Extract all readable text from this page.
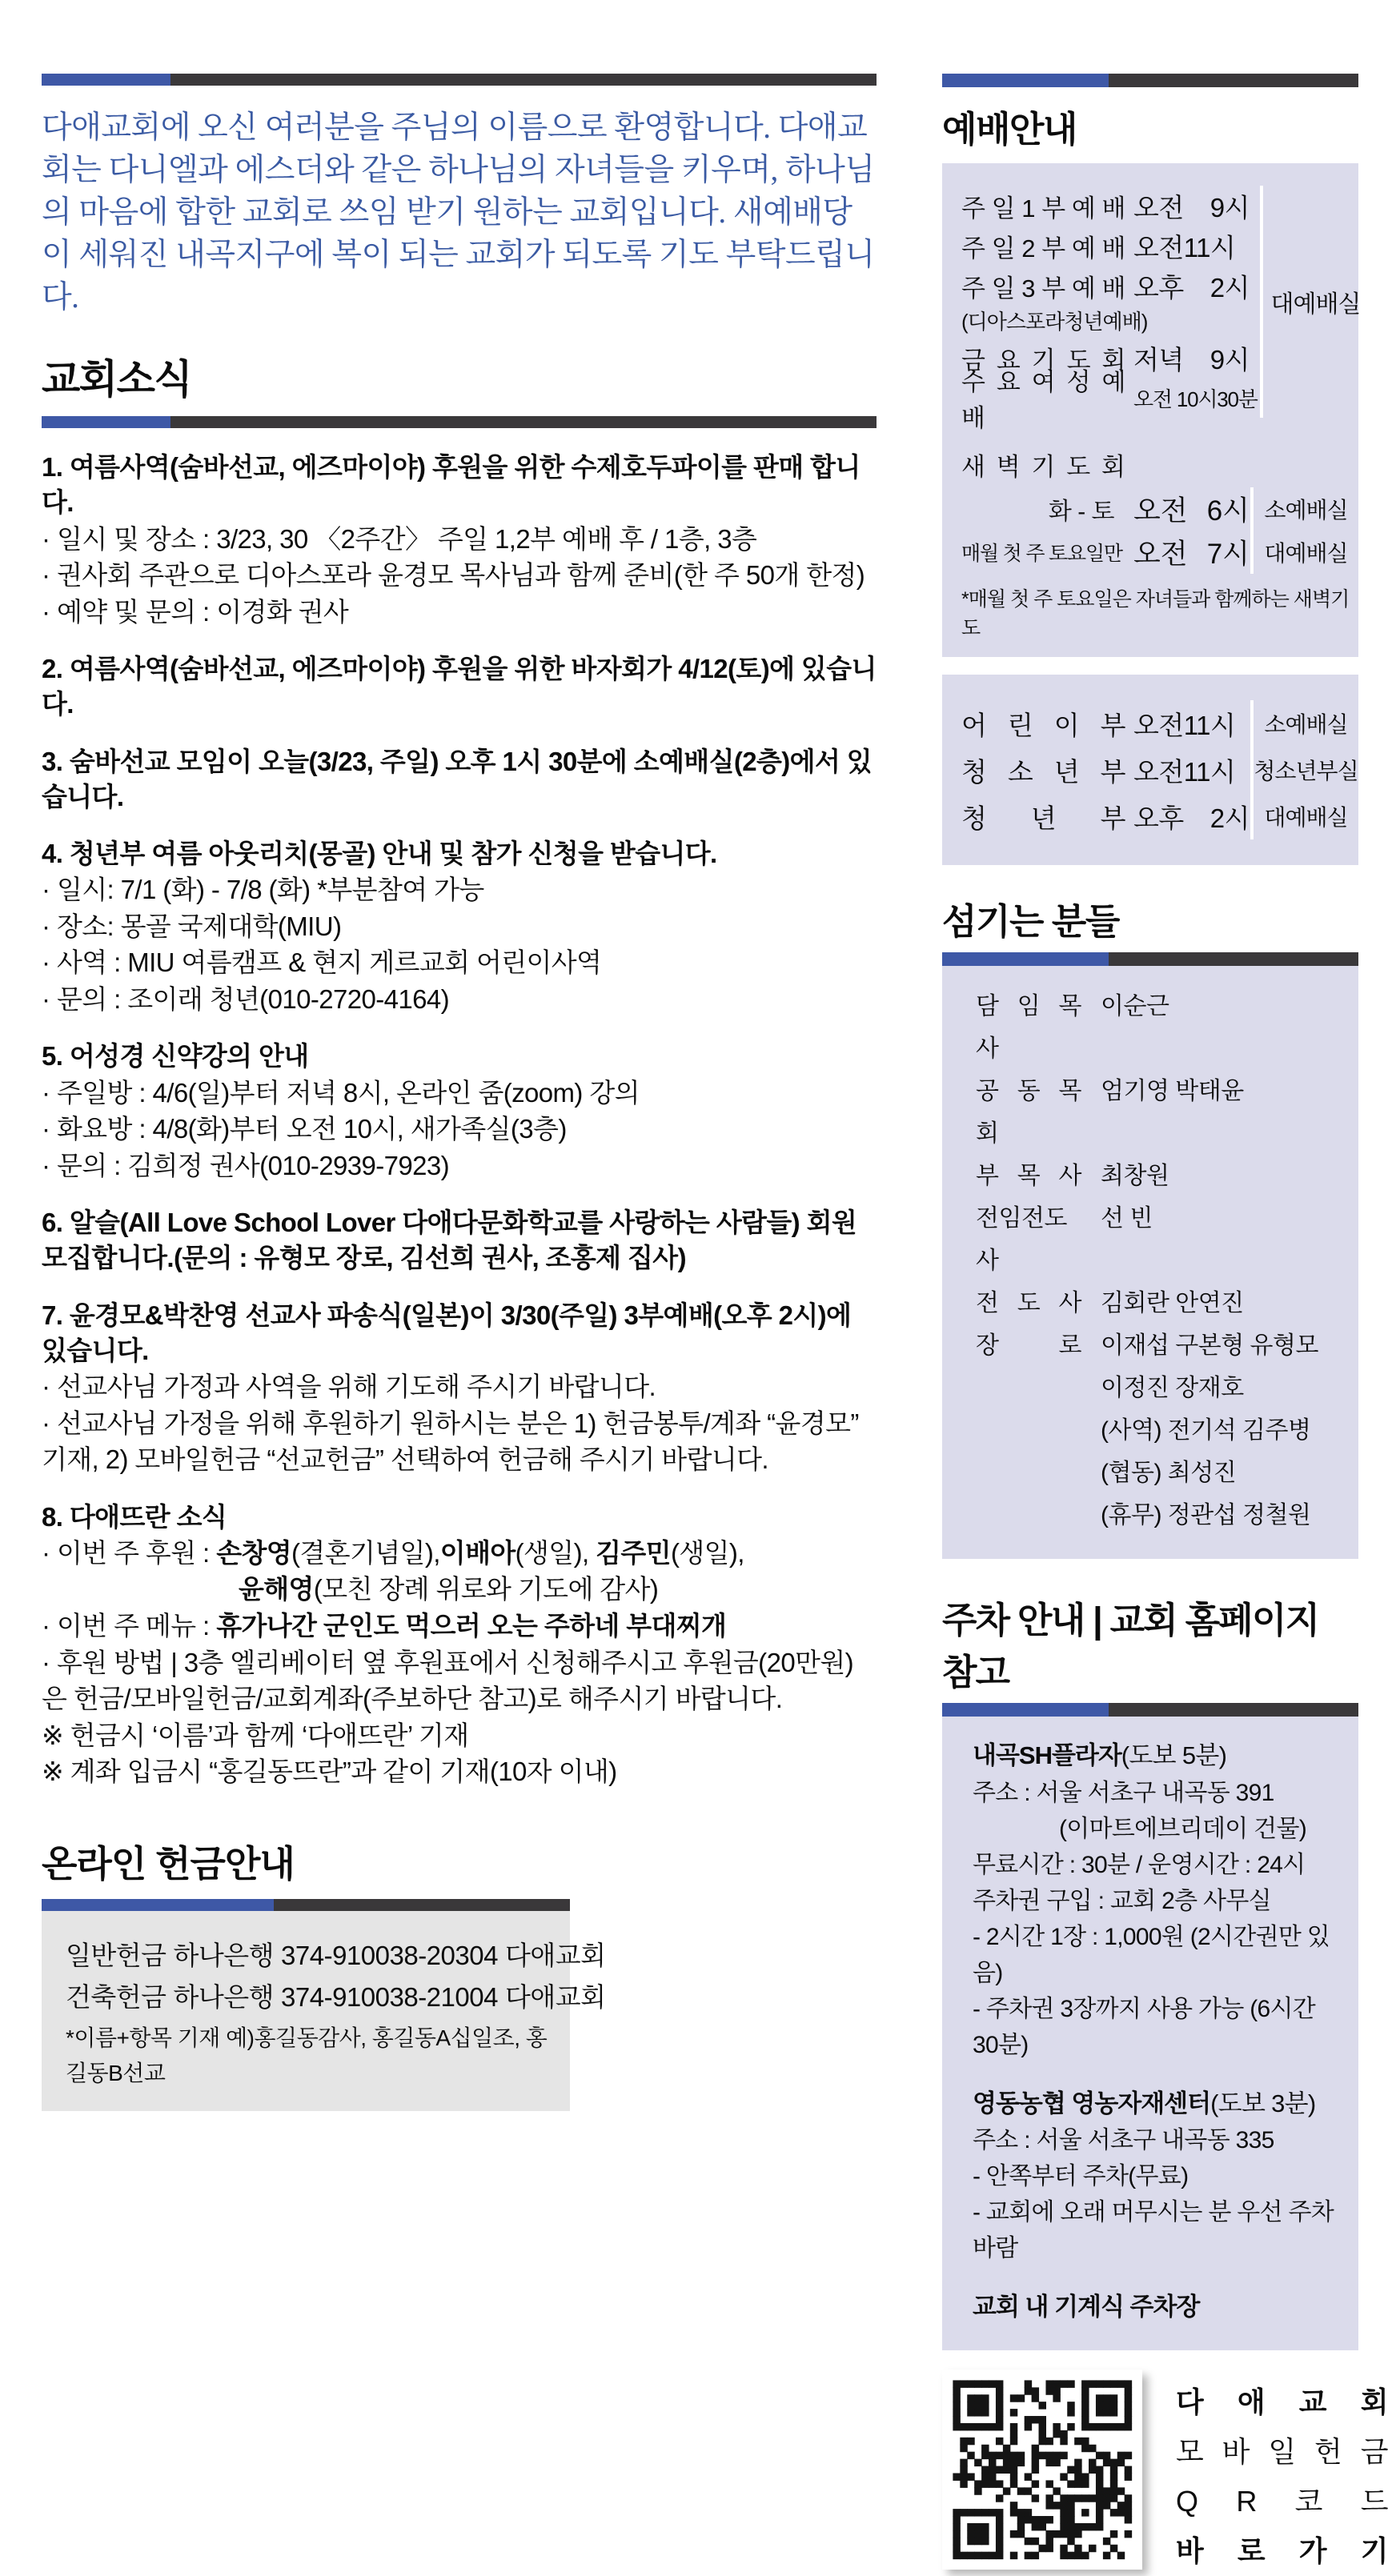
다애교회에 오신 여러분을 주님의 이름으로 환영합니다. 다애교회는 다니엘과 에스더와 같은 하나님의 자녀들을 키우며, 하나님의 마음에 합한 교회로 쓰임 받기 원하는 교회입니다. 새예배당이 세워진 내곡지구에 복이 되는 교회가 되도록 기도 부탁드립니다.

교회소식
1. 여름사역(숨바선교, 에즈마이야) 후원을 위한 수제호두파이를 판매 합니다.
· 일시 및 장소 : 3/23, 30 〈2주간〉 주일 1,2부 예배 후 / 1층, 3층
· 권사회 주관으로 디아스포라 윤경모 목사님과 함께 준비(한 주 50개 한정)
· 예약 및 문의 : 이경화 권사
2. 여름사역(숨바선교, 에즈마이야) 후원을 위한 바자회가 4/12(토)에 있습니다.
3. 숨바선교 모임이 오늘(3/23, 주일) 오후 1시 30분에 소예배실(2층)에서 있습니다.
4. 청년부 여름 아웃리치(몽골) 안내 및 참가 신청을 받습니다.
· 일시: 7/1 (화) - 7/8 (화) *부분참여 가능
· 장소: 몽골 국제대학(MIU)
· 사역 : MIU 여름캠프 & 현지 게르교회 어린이사역
· 문의 : 조이래 청년(010-2720-4164)
5. 어성경 신약강의 안내
· 주일방 : 4/6(일)부터 저녁 8시, 온라인 줌(zoom) 강의
· 화요방 : 4/8(화)부터 오전 10시, 새가족실(3층)
· 문의 : 김희정 권사(010-2939-7923)
6. 알슬(All Love School Lover 다애다문화학교를 사랑하는 사람들) 회원 모집합니다.(문의 : 유형모 장로, 김선희 권사, 조홍제 집사)
7. 윤경모&박찬영 선교사 파송식(일본)이 3/30(주일) 3부예배(오후 2시)에 있습니다.
· 선교사님 가정과 사역을 위해 기도해 주시기 바랍니다.
· 선교사님 가정을 위해 후원하기 원하시는 분은 1) 헌금봉투/계좌 “윤경모” 기재, 2) 모바일헌금 “선교헌금” 선택하여 헌금해 주시기 바랍니다.
8. 다애뜨란 소식
· 이번 주 후원 : 손창영(결혼기념일),이배아(생일), 김주민(생일),
윤해영(모친 장례 위로와 기도에 감사)
· 이번 주 메뉴 : 휴가나간 군인도 먹으러 오는 주하네 부대찌개
· 후원 방법 | 3층 엘리베이터 옆 후원표에서 신청해주시고 후원금(20만원)은 헌금/모바일헌금/교회계좌(주보하단 참고)로 해주시기 바랍니다.
※ 헌금시 ‘이름’과 함께 ‘다애뜨란’ 기재
※ 계좌 입금시 “홍길동뜨란”과 같이 기재(10자 이내)
온라인 헌금안내
일반헌금 하나은행 374-910038-20304 다애교회
건축헌금 하나은행 374-910038-21004 다애교회
*이름+항목 기재 예)홍길동감사, 홍길동A십일조, 홍길동B선교
예배안내
주 일 1 부 예 배 오전 9시
주 일 2 부 예 배 오전11시
주 일 3 부 예 배 오후 2시
(디아스포라청년예배)
금 요 기 도 회 저녁 9시
수 요 여 성 예 배
오전 10시30분
대예배실
새 벽 기 도 회
화 - 토 오전 6시
매월 첫 주 토요일만 오전 7시
소예배실
대예배실
*매월 첫 주 토요일은 자녀들과 함께하는 새벽기도
어 린 이 부 오전11시
청 소 년 부 오전11시
청 년 부 오후 2시
소예배실
청소년부실
대예배실
섬기는 분들
담 임 목 사
이순근
공 동 목 회
엄기영 박태윤
부 목 사 최창원
전임전도사
선 빈
전 도 사 김회란 안연진
장 로 이재섭 구본형 유형모
이정진 장재호
(사역) 전기석 김주병
(협동) 최성진
(휴무) 정관섭 정철원
주차 안내 | 교회 홈페이지 참고
내곡SH플라자(도보 5분)
주소 : 서울 서초구 내곡동 391
(이마트에브리데이 건물)
무료시간 : 30분 / 운영시간 : 24시
주차권 구입 : 교회 2층 사무실
- 2시간 1장 : 1,000원 (2시간권만 있음)
- 주차권 3장까지 사용 가능 (6시간 30분)
영동농협 영농자재센터(도보 3분)
주소 : 서울 서초구 내곡동 335
- 안쪽부터 주차(무료)
- 교회에 오래 머무시는 분 우선 주차 바람
교회 내 기계식 주차장
다 애 교 회 모 바 일 헌 금 Q R 코 드 바 로 가 기
